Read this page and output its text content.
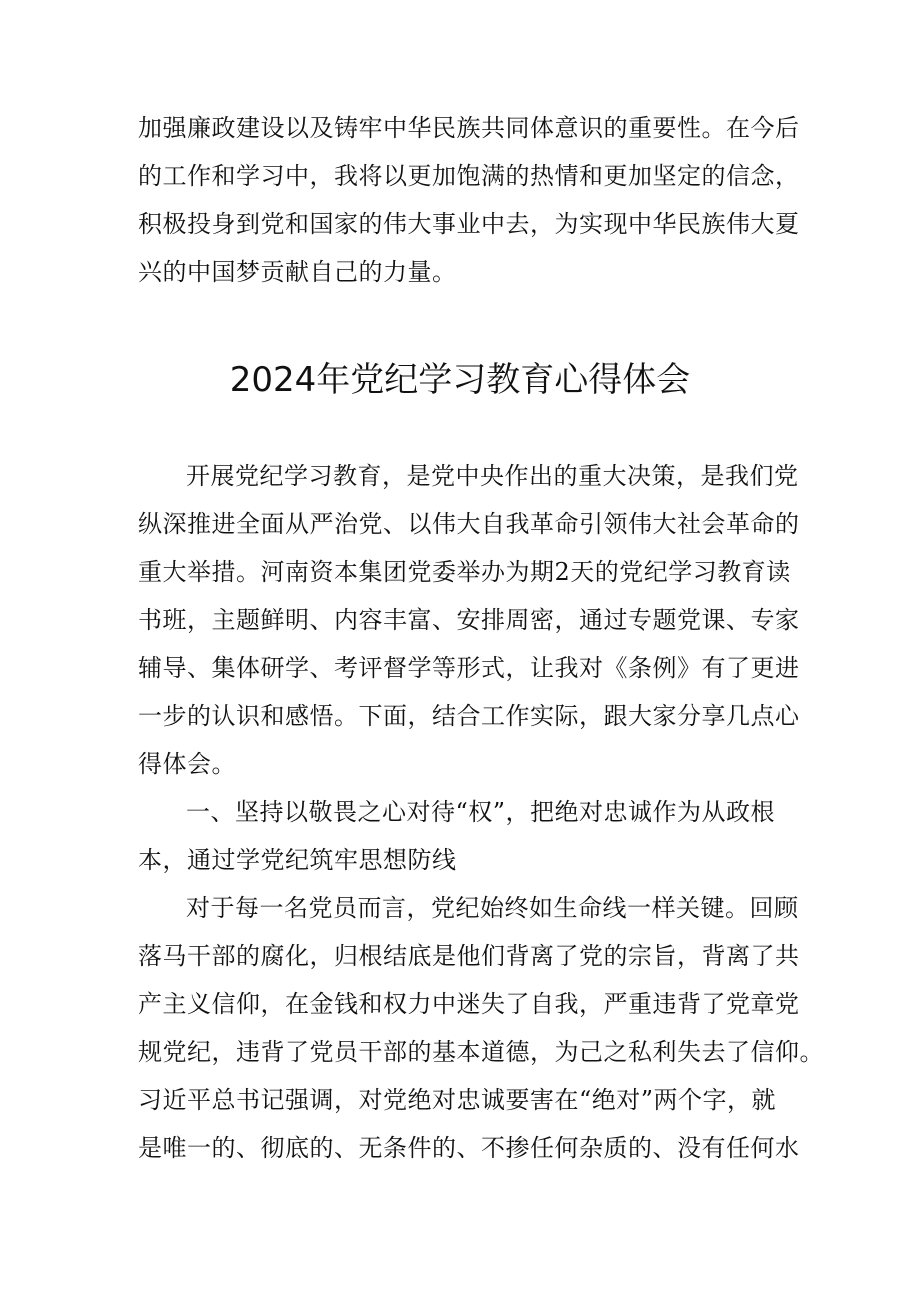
加强廉政建设以及铸牢中华民族共同体意识的重要性。在今后
的工作和学习中，我将以更加饱满的热情和更加坚定的信念，
积极投身到党和国家的伟大事业中去，为实现中华民族伟大夏
兴的中国梦贡献自己的力量。
2024年党纪学习教育心得体会
开展党纪学习教育，是党中央作出的重大决策，是我们党
纵深推进全面从严治党、以伟大自我革命引领伟大社会革命的
重大举措。河南资本集团党委举办为期2天的党纪学习教育读
书班，主题鲜明、内容丰富、安排周密，通过专题党课、专家
辅导、集体研学、考评督学等形式，让我对《条例》有了更进
一步的认识和感悟。下面，结合工作实际，跟大家分享几点心
得体会。
一、坚持以敬畏之心对待“权”，把绝对忠诚作为从政根
本，通过学党纪筑牢思想防线
对于每一名党员而言，党纪始终如生命线一样关键。回顾
落马干部的腐化，归根结底是他们背离了党的宗旨，背离了共
产主义信仰，在金钱和权力中迷失了自我，严重违背了党章党
规党纪，违背了党员干部的基本道德，为己之私利失去了信仰。
习近平总书记强调，对党绝对忠诚要害在“绝对”两个字，就
是唯一的、彻底的、无条件的、不掺任何杂质的、没有任何水
